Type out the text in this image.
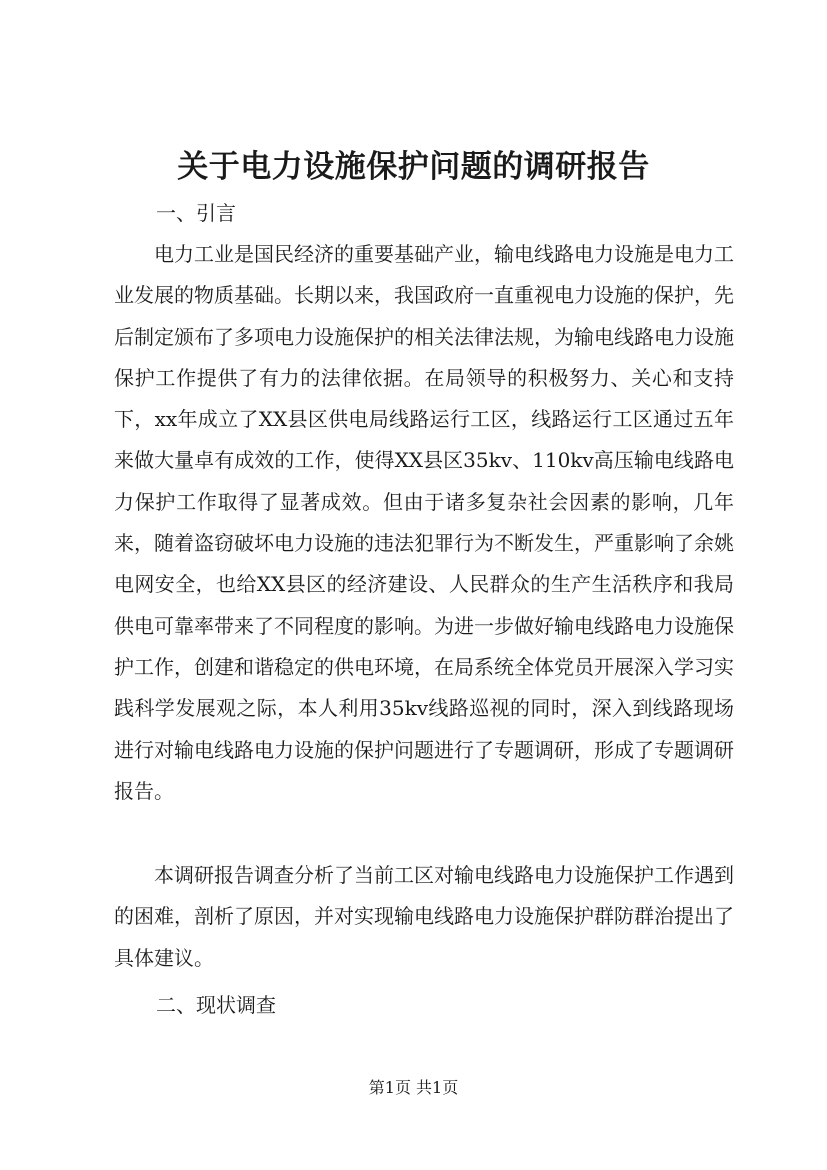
关于电力设施保护问题的调研报告
一、引言

电力工业是国民经济的重要基础产业，输电线路电力设施是电力工业发展的物质基础。长期以来，我国政府一直重视电力设施的保护，先后制定颁布了多项电力设施保护的相关法律法规，为输电线路电力设施保护工作提供了有力的法律依据。在局领导的积极努力、关心和支持下，xx年成立了XX县区供电局线路运行工区，线路运行工区通过五年来做大量卓有成效的工作，使得XX县区35kv、110kv高压输电线路电力保护工作取得了显著成效。但由于诸多复杂社会因素的影响，几年来，随着盗窃破坏电力设施的违法犯罪行为不断发生，严重影响了余姚电网安全，也给XX县区的经济建设、人民群众的生产生活秩序和我局供电可靠率带来了不同程度的影响。为进一步做好输电线路电力设施保护工作，创建和谐稳定的供电环境，在局系统全体党员开展深入学习实践科学发展观之际，本人利用35kv线路巡视的同时，深入到线路现场进行对输电线路电力设施的保护问题进行了专题调研，形成了专题调研报告。

本调研报告调查分析了当前工区对输电线路电力设施保护工作遇到的困难，剖析了原因，并对实现输电线路电力设施保护群防群治提出了具体建议。

二、现状调查
第1页 共1页
